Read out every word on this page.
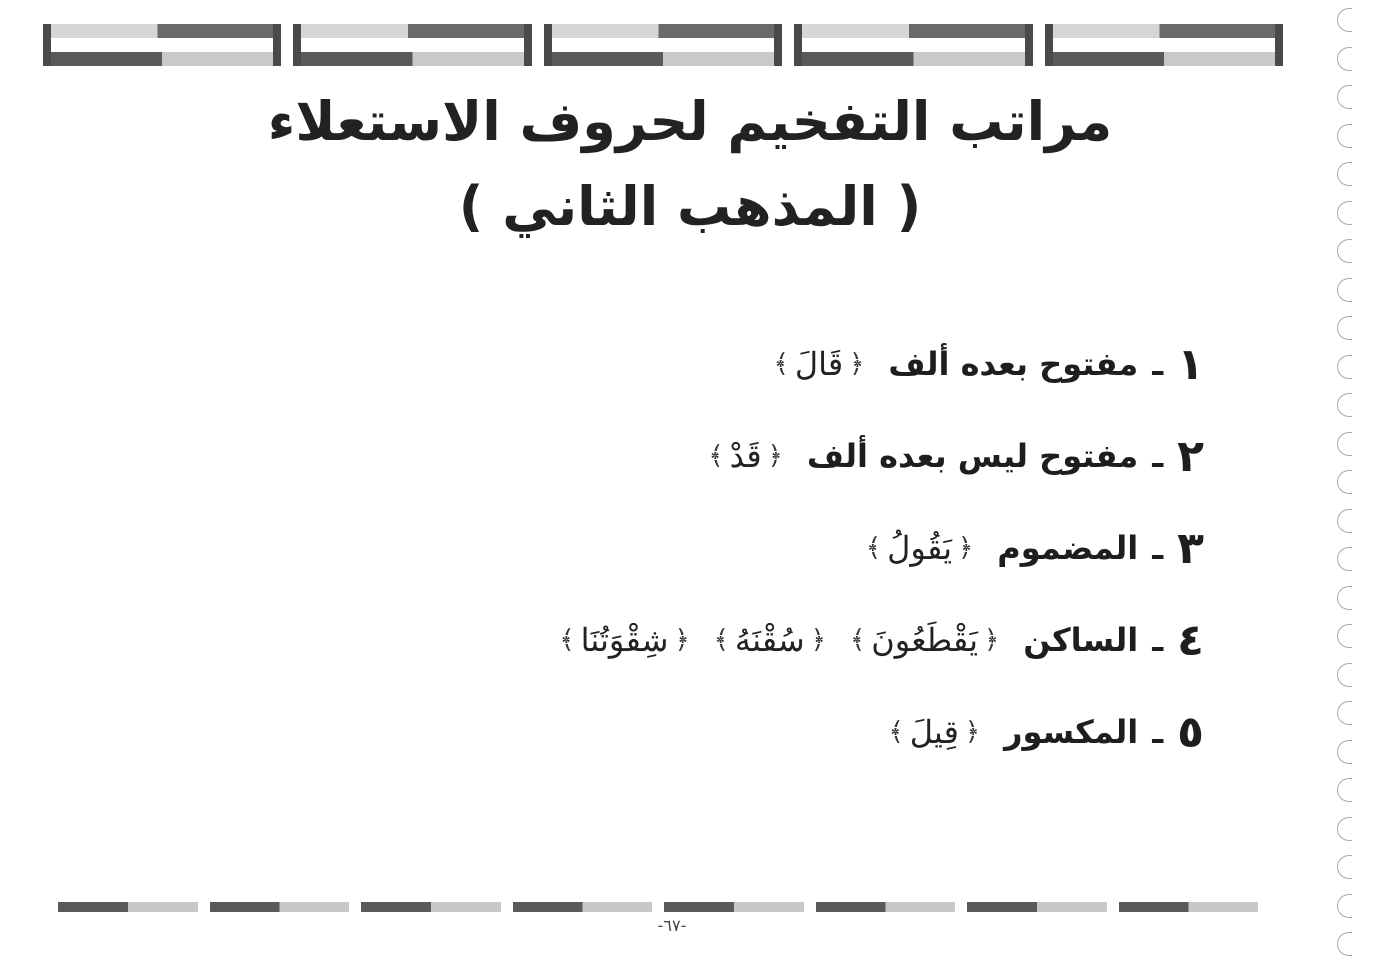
مراتب التفخيم لحروف الاستعلاء
( المذهب الثاني )
١
ـ
مفتوح بعده ألف
﴿
قَالَ
﴾
٢
ـ
مفتوح ليس بعده ألف
﴿
قَدْ
﴾
٣
ـ
المضموم
﴿
يَقُولُ
﴾
٤
ـ
الساكن
﴿
يَقْطَعُونَ
﴾
﴿
سُقْنَهُ
﴾
﴿
شِقْوَتُنَا
﴾
٥
ـ
المكسور
﴿
قِيلَ
﴾
-٦٧-
